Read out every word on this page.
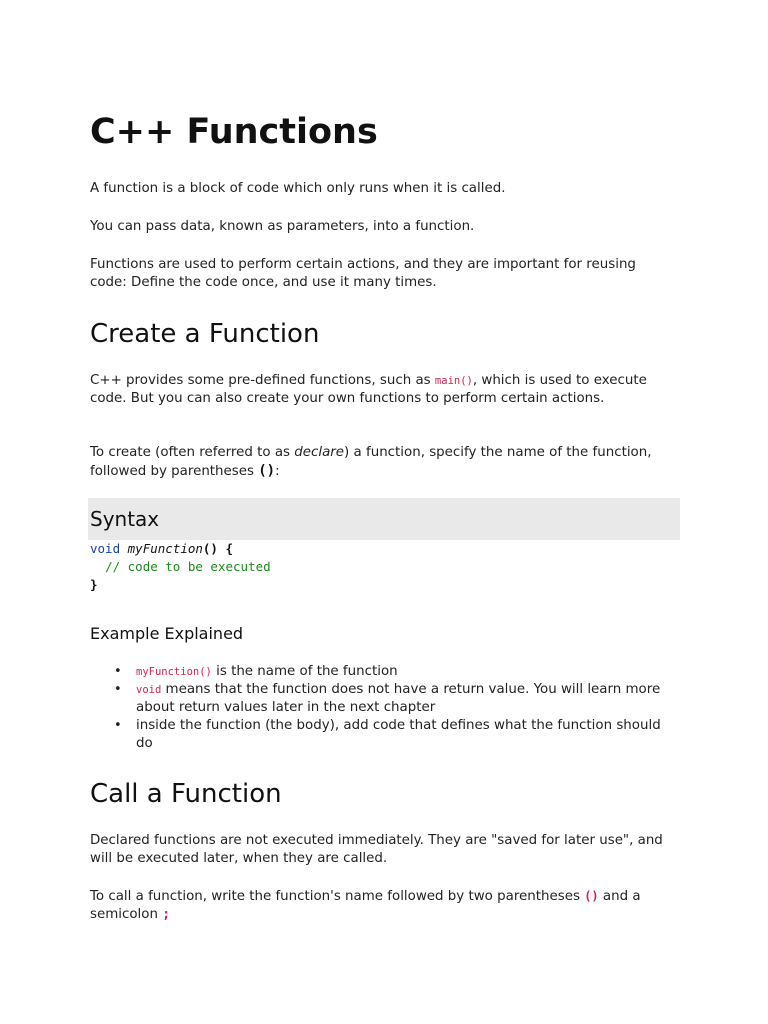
C++ Functions

A function is a block of code which only runs when it is called.

You can pass data, known as parameters, into a function.

Functions are used to perform certain actions, and they are important for reusing code: Define the code once, and use it many times.

Create a Function

C++ provides some pre-defined functions, such as main(), which is used to execute code. But you can also create your own functions to perform certain actions.

To create (often referred to as declare) a function, specify the name of the function, followed by parentheses ():

Syntax
void myFunction() {
// code to be executed
}
Example Explained
• myFunction() is the name of the function
• void means that the function does not have a return value. You will learn more about return values later in the next chapter
• inside the function (the body), add code that defines what the function should do
Call a Function

Declared functions are not executed immediately. They are "saved for later use", and will be executed later, when they are called.

To call a function, write the function's name followed by two parentheses () and a semicolon ;
